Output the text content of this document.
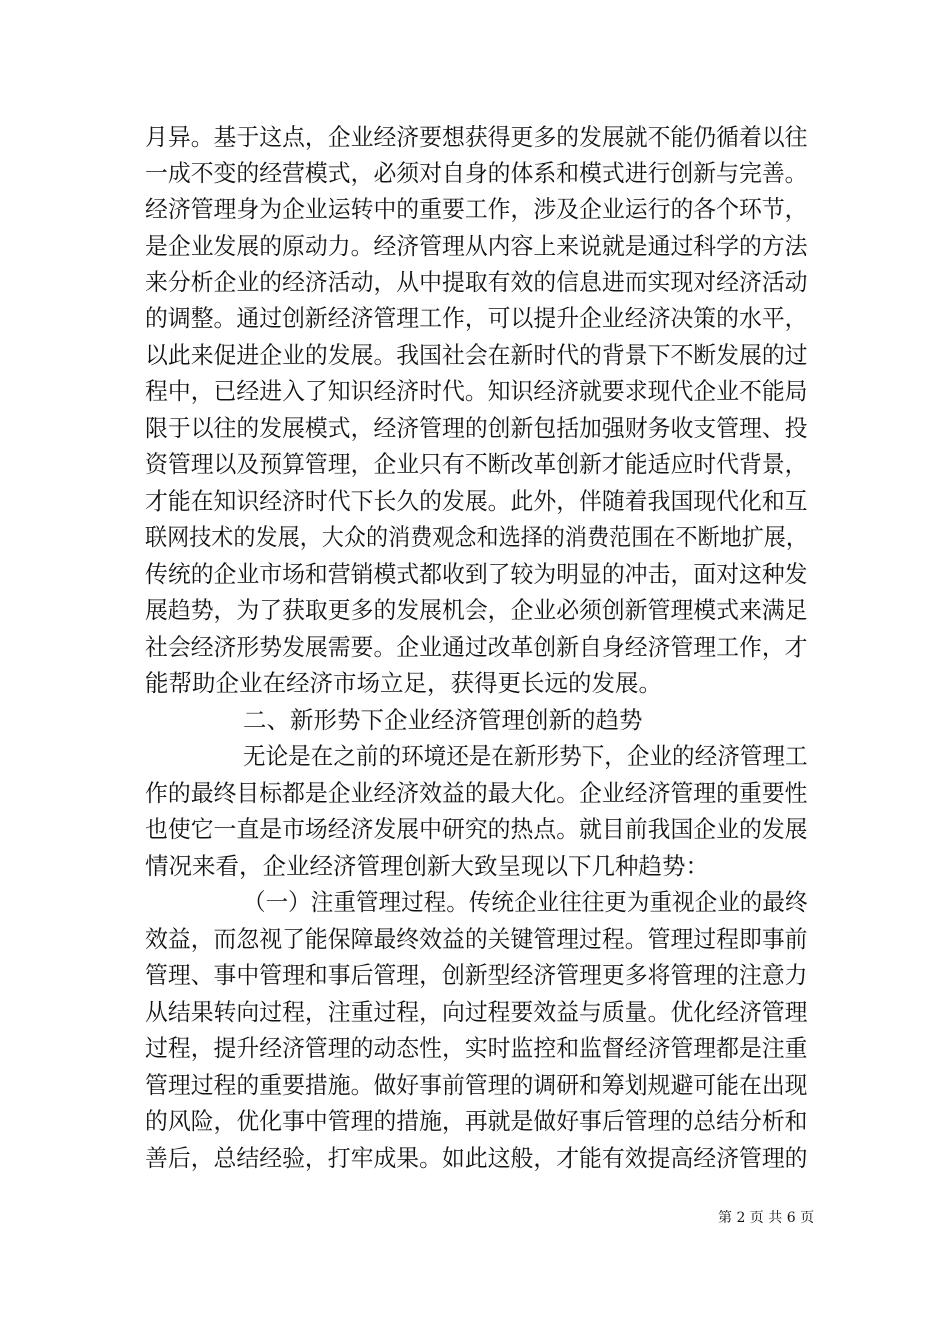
月异。基于这点，企业经济要想获得更多的发展就不能仍循着以往
一成不变的经营模式，必须对自身的体系和模式进行创新与完善。
经济管理身为企业运转中的重要工作，涉及企业运行的各个环节，
是企业发展的原动力。经济管理从内容上来说就是通过科学的方法
来分析企业的经济活动，从中提取有效的信息进而实现对经济活动
的调整。通过创新经济管理工作，可以提升企业经济决策的水平，
以此来促进企业的发展。我国社会在新时代的背景下不断发展的过
程中，已经进入了知识经济时代。知识经济就要求现代企业不能局
限于以往的发展模式，经济管理的创新包括加强财务收支管理、投
资管理以及预算管理，企业只有不断改革创新才能适应时代背景，
才能在知识经济时代下长久的发展。此外，伴随着我国现代化和互
联网技术的发展，大众的消费观念和选择的消费范围在不断地扩展，
传统的企业市场和营销模式都收到了较为明显的冲击，面对这种发
展趋势，为了获取更多的发展机会，企业必须创新管理模式来满足
社会经济形势发展需要。企业通过改革创新自身经济管理工作，才
能帮助企业在经济市场立足，获得更长远的发展。
二、新形势下企业经济管理创新的趋势
无论是在之前的环境还是在新形势下，企业的经济管理工
作的最终目标都是企业经济效益的最大化。企业经济管理的重要性
也使它一直是市场经济发展中研究的热点。就目前我国企业的发展
情况来看，企业经济管理创新大致呈现以下几种趋势：
（一）注重管理过程。传统企业往往更为重视企业的最终
效益，而忽视了能保障最终效益的关键管理过程。管理过程即事前
管理、事中管理和事后管理，创新型经济管理更多将管理的注意力
从结果转向过程，注重过程，向过程要效益与质量。优化经济管理
过程，提升经济管理的动态性，实时监控和监督经济管理都是注重
管理过程的重要措施。做好事前管理的调研和筹划规避可能在出现
的风险，优化事中管理的措施，再就是做好事后管理的总结分析和
善后，总结经验，打牢成果。如此这般，才能有效提高经济管理的
第 2 页 共 6 页
